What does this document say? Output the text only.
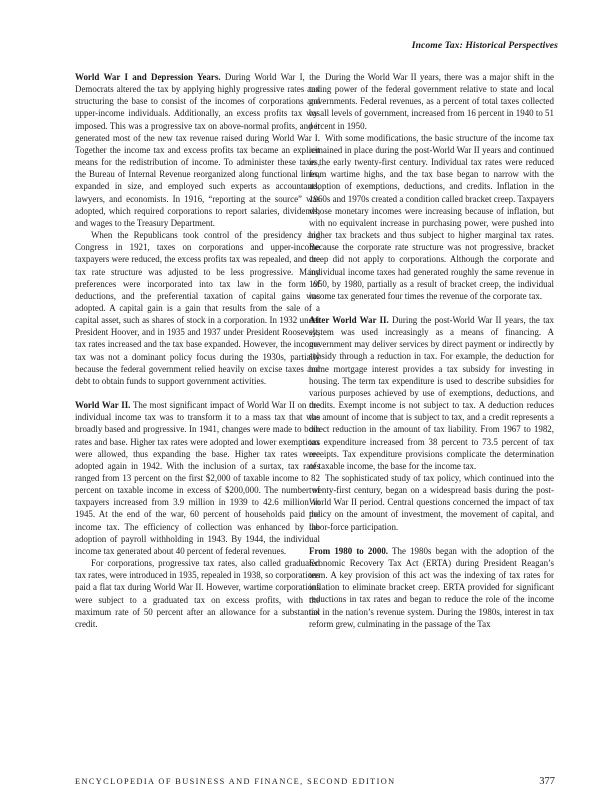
Income Tax: Historical Perspectives

World War I and Depression Years. During World War I, the Democrats altered the tax by applying highly progressive rates and structuring the base to consist of the incomes of corporations and upper-income individuals. Additionally, an excess profits tax was imposed. This was a progressive tax on above-normal profits, and it generated most of the new tax revenue raised during World War I. Together the income tax and excess profits tax became an explicit means for the redistribution of income. To administer these taxes, the Bureau of Internal Revenue reorganized along functional lines, expanded in size, and employed such experts as accountants, lawyers, and economists. In 1916, “reporting at the source” was adopted, which required corporations to report salaries, dividends, and wages to the Treasury Department.

When the Republicans took control of the presidency and Congress in 1921, taxes on corporations and upper-income taxpayers were reduced, the excess profits tax was repealed, and the tax rate structure was adjusted to be less progressive. Many preferences were incorporated into tax law in the form of deductions, and the preferential taxation of capital gains was adopted. A capital gain is a gain that results from the sale of a capital asset, such as shares of stock in a corporation. In 1932 under President Hoover, and in 1935 and 1937 under President Roosevelt, tax rates increased and the tax base expanded. However, the income tax was not a dominant policy focus during the 1930s, partially because the federal government relied heavily on excise taxes and debt to obtain funds to support government activities.

World War II. The most significant impact of World War II on the individual income tax was to transform it to a mass tax that was broadly based and progressive. In 1941, changes were made to both rates and base. Higher tax rates were adopted and lower exemptions were allowed, thus expanding the base. Higher tax rates were adopted again in 1942. With the inclusion of a surtax, tax rates ranged from 13 percent on the first $2,000 of taxable income to 82 percent on taxable income in excess of $200,000. The number of taxpayers increased from 3.9 million in 1939 to 42.6 million in 1945. At the end of the war, 60 percent of households paid the income tax. The efficiency of collection was enhanced by the adoption of payroll withholding in 1943. By 1944, the individual income tax generated about 40 percent of federal revenues.

For corporations, progressive tax rates, also called graduated tax rates, were introduced in 1935, repealed in 1938, so corporations paid a flat tax during World War II. However, wartime corporations were subject to a graduated tax on excess profits, with the maximum rate of 50 percent after an allowance for a substantial credit.

During the World War II years, there was a major shift in the taxing power of the federal government relative to state and local governments. Federal revenues, as a percent of total taxes collected by all levels of government, increased from 16 percent in 1940 to 51 percent in 1950.

With some modifications, the basic structure of the income tax remained in place during the post-World War II years and continued in the early twenty-first century. Individual tax rates were reduced from wartime highs, and the tax base began to narrow with the adoption of exemptions, deductions, and credits. Inflation in the 1960s and 1970s created a condition called bracket creep. Taxpayers whose monetary incomes were increasing because of inflation, but with no equivalent increase in purchasing power, were pushed into higher tax brackets and thus subject to higher marginal tax rates. Because the corporate rate structure was not progressive, bracket creep did not apply to corporations. Although the corporate and individual income taxes had generated roughly the same revenue in 1950, by 1980, partially as a result of bracket creep, the individual income tax generated four times the revenue of the corporate tax.

After World War II. During the post-World War II years, the tax system was used increasingly as a means of financing. A government may deliver services by direct payment or indirectly by subsidy through a reduction in tax. For example, the deduction for home mortgage interest provides a tax subsidy for investing in housing. The term tax expenditure is used to describe subsidies for various purposes achieved by use of exemptions, deductions, and credits. Exempt income is not subject to tax. A deduction reduces the amount of income that is subject to tax, and a credit represents a direct reduction in the amount of tax liability. From 1967 to 1982, tax expenditure increased from 38 percent to 73.5 percent of tax receipts. Tax expenditure provisions complicate the determination of taxable income, the base for the income tax.

The sophisticated study of tax policy, which continued into the twenty-first century, began on a widespread basis during the post-World War II period. Central questions concerned the impact of tax policy on the amount of investment, the movement of capital, and labor-force participation.

From 1980 to 2000. The 1980s began with the adoption of the Economic Recovery Tax Act (ERTA) during President Reagan’s term. A key provision of this act was the indexing of tax rates for inflation to eliminate bracket creep. ERTA provided for significant reductions in tax rates and began to reduce the role of the income tax in the nation’s revenue system. During the 1980s, interest in tax reform grew, culminating in the passage of the Tax

ENCYCLOPEDIA OF BUSINESS AND FINANCE, SECOND EDITION	377
